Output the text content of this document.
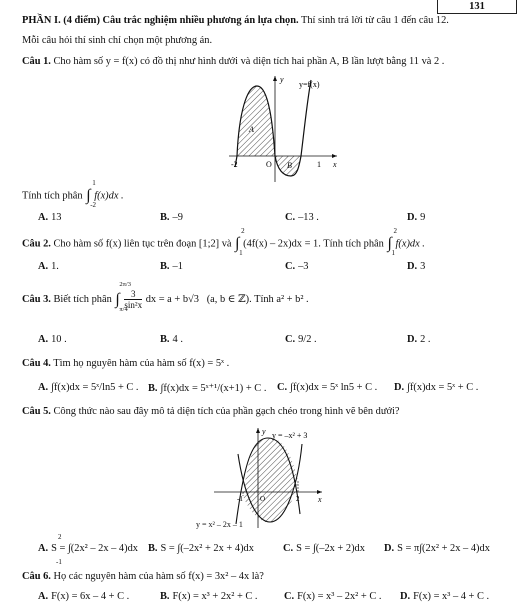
131
PHẦN I. (4 điểm) Câu trắc nghiệm nhiều phương án lựa chọn. Thí sinh trả lời từ câu 1 đến câu 12.
Mỗi câu hỏi thí sinh chỉ chọn một phương án.
Câu 1. Cho hàm số y = f(x) có đồ thị như hình dưới và diện tích hai phần A, B lần lượt bằng 11 và 2 .
y
y=f(x)
x
O
-2	1
A
B
Tính tích phân ∫
1
-2
f(x)dx .
A. 13	B. –9	C. –13 .	D. 9
Câu 2. Cho hàm số f(x) liên tục trên đoạn [1;2] và ∫
2
1
(4f(x) – 2x)dx = 1. Tính tích phân ∫
2
1
f(x)dx .
A. 1.	B. –1	C. –3	D. 3
Câu 3. Biết tích phân ∫
2π/3
π/4

$\frac{3}{\text{sin²x}}$ dx = a + b√3 (a, b ∈ ℤ). Tính a² + b² .
A. 10 .	B. 4 .	C. 9/2 .	D. 2 .
Câu 4. Tìm họ nguyên hàm của hàm số f(x) = 5ˣ .
A. ∫f(x)dx = 5ˣ/ln5 + C . B. ∫f(x)dx = 5ˣ⁺¹/(x+1) + C . C. ∫f(x)dx = 5ˣ ln5 + C . D. ∫f(x)dx = 5ˣ + C .
Câu 5. Công thức nào sau đây mô tả diện tích của phần gạch chéo trong hình vẽ bên dưới?
y y = –x² + 3
x
O
-1	2
y = x² – 2x – 1
A. S = ∫(2x² – 2x – 4)dx B. S = ∫(–2x² + 2x + 4)dx	C. S = ∫(–2x + 2)dx D. S = π∫(2x² + 2x – 4)dx
2
-1
Câu 6. Họ các nguyên hàm của hàm số f(x) = 3x² – 4x là?
A. F(x) = 6x – 4 + C .	B. F(x) = x³ + 2x² + C .	C. F(x) = x³ – 2x² + C . D. F(x) = x³ – 4 + C .
